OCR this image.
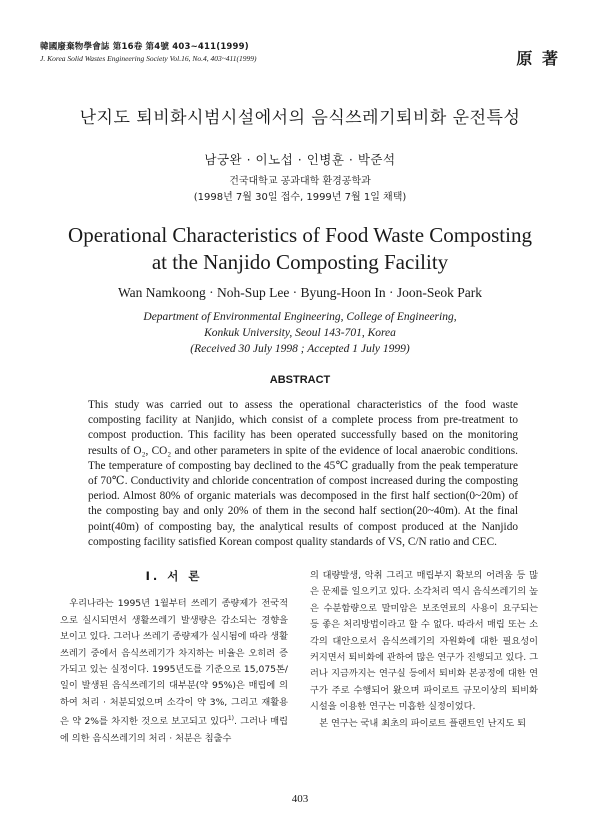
韓國廢棄物學會誌 第16卷 第4號 403~411(1999)
J. Korea Solid Wastes Engineering Society Vol.16, No.4, 403~411(1999)	原 著
난지도 퇴비화시범시설에서의 음식쓰레기퇴비화 운전특성
남궁완 · 이노섭 · 인병훈 · 박준석
건국대학교 공과대학 환경공학과
(1998년 7월 30일 접수, 1999년 7월 1일 채택)
Operational Characteristics of Food Waste Composting at the Nanjido Composting Facility
Wan Namkoong · Noh-Sup Lee · Byung-Hoon In · Joon-Seok Park
Department of Environmental Engineering, College of Engineering,
Konkuk University, Seoul 143-701, Korea
(Received 30 July 1998 ; Accepted 1 July 1999)
ABSTRACT
This study was carried out to assess the operational characteristics of the food waste composting facility at Nanjido, which consist of a complete process from pre-treatment to compost production. This facility has been operated successfully based on the monitoring results of O₂, CO₂ and other parameters in spite of the evidence of local anaerobic conditions. The temperature of composting bay declined to the 45℃ gradually from the peak temperature of 70℃. Conductivity and chloride concentration of compost increased during the composting period. Almost 80% of organic materials was decomposed in the first half section(0~20m) of the composting bay and only 20% of them in the second half section(20~40m). At the final point(40m) of composting bay, the analytical results of compost produced at the Nanjido composting facility satisfied Korean compost quality standards of VS, C/N ratio and CEC.
Ⅰ. 서 론

우리나라는 1995년 1월부터 쓰레기 종량제가 전국적으로 실시되면서 생활쓰레기 발생량은 감소되는 경향을 보이고 있다. 그러나 쓰레기 종량제가 실시됨에 따라 생활쓰레기 중에서 음식쓰레기가 차지하는 비율은 오히려 증가되고 있는 실정이다. 1995년도를 기준으로 15,075톤/일이 발생된 음식쓰레기의 대부분(약 95%)은 매립에 의하여 처리 · 처분되었으며 소각이 약 3%, 그리고 재활용은 약 2%를 차지한 것으로 보고되고 있다$^{1)}$. 그러나 매립에 의한 음식쓰레기의 처리 · 처분은 침출수

의 대량발생, 악취 그리고 매립부지 확보의 어려움 등 많은 문제를 일으키고 있다. 소각처리 역시 음식쓰레기의 높은 수분함량으로 말미암은 보조연료의 사용이 요구되는 등 좋은 처리방법이라고 할 수 없다. 따라서 매립 또는 소각의 대안으로서 음식쓰레기의 자원화에 대한 필요성이 커지면서 퇴비화에 관하여 많은 연구가 진행되고 있다. 그러나 지금까지는 연구실 등에서 퇴비화 본공정에 대한 연구가 주로 수행되어 왔으며 파이로트 규모이상의 퇴비화시설을 이용한 연구는 미흡한 실정이었다.

본 연구는 국내 최초의 파이로트 플랜트인 난지도 퇴

403
